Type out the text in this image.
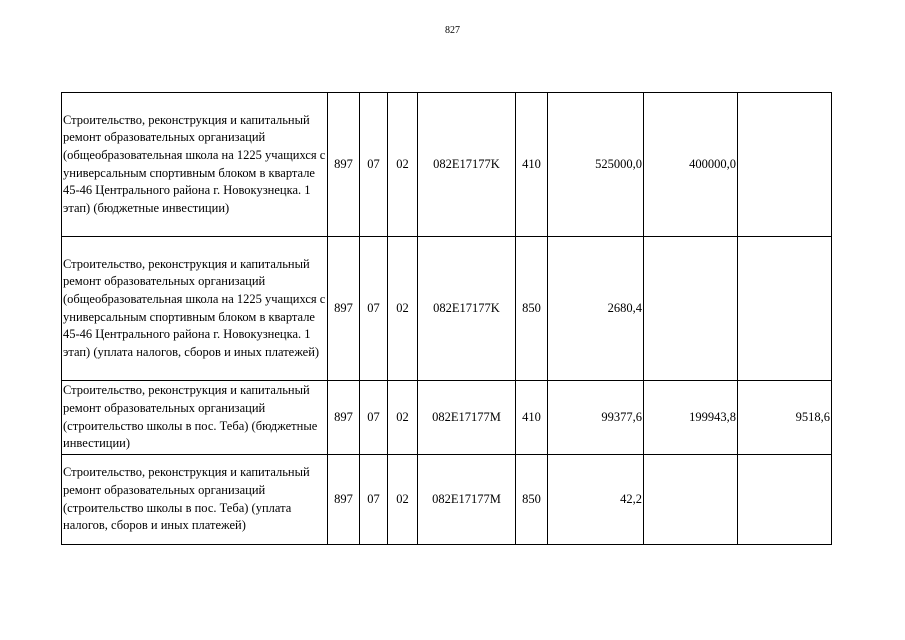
827
Строительство, реконструкция и капитальный ремонт образовательных организаций (общеобразовательная школа на 1225 учащихся с универсальным спортивным блоком в квартале 45-46 Центрального района г. Новокузнецка. 1 этап) (бюджетные инвестиции)	897	07	02	082E17177K	410	525000,0	400000,0	
Строительство, реконструкция и капитальный ремонт образовательных организаций (общеобразовательная школа на 1225 учащихся с универсальным спортивным блоком в квартале 45-46 Центрального района г. Новокузнецка. 1 этап) (уплата налогов, сборов и иных платежей)	897	07	02	082E17177K	850	2680,4		
Строительство, реконструкция и капитальный ремонт образовательных организаций (строительство школы в пос. Теба) (бюджетные инвестиции)	897	07	02	082E17177M	410	99377,6	199943,8	9518,6
Строительство, реконструкция и капитальный ремонт образовательных организаций (строительство школы в пос. Теба) (уплата налогов, сборов и иных платежей)	897	07	02	082E17177M	850	42,2		
